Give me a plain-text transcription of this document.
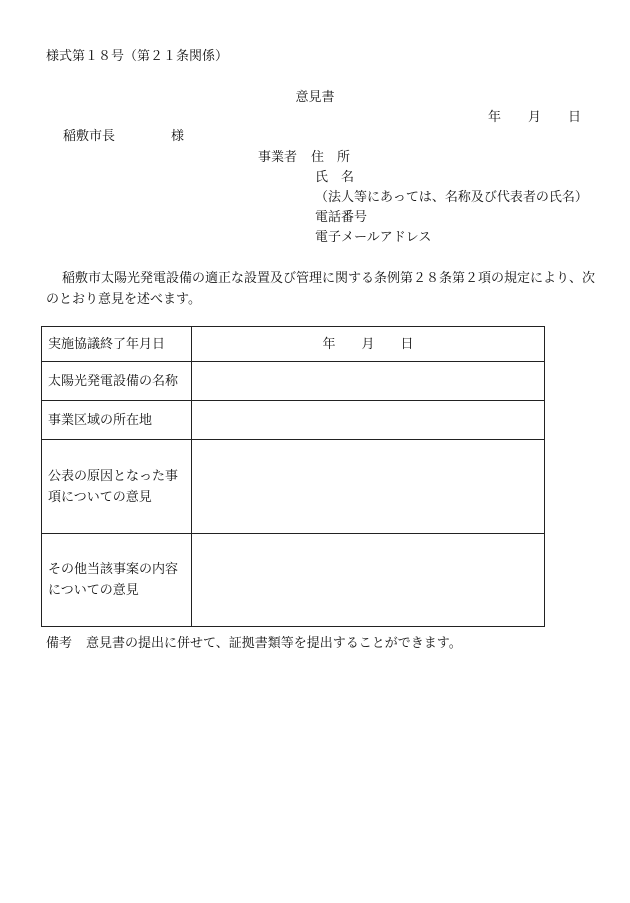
様式第１８号（第２１条関係）
意見書
年 月 日
稲敷市長	様
事業者 住　所
氏　名
（法人等にあっては、名称及び代表者の氏名）
電話番号
電子メールアドレス
稲敷市太陽光発電設備の適正な設置及び管理に関する条例第２８条第２項の規定により、次のとおり意見を述べます。
実施協議終了年月日	年 月 日
太陽光発電設備の名称	
事業区域の所在地	
公表の原因となった事項についての意見	
その他当該事案の内容についての意見	
備考 意見書の提出に併せて、証拠書類等を提出することができます。
